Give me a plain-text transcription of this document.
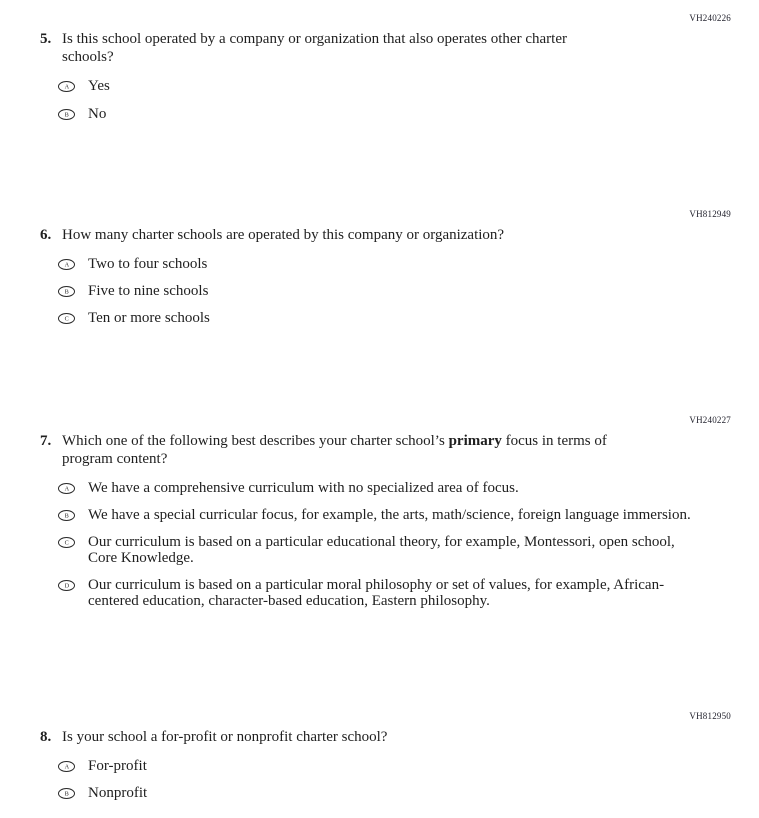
VH240226
5. Is this school operated by a company or organization that also operates other charter schools?
A Yes
B No
VH812949
6. How many charter schools are operated by this company or organization?
A Two to four schools
B Five to nine schools
C Ten or more schools
VH240227
7. Which one of the following best describes your charter school’s primary focus in terms of program content?
A We have a comprehensive curriculum with no specialized area of focus.
B We have a special curricular focus, for example, the arts, math/science, foreign language immersion.
C Our curriculum is based on a particular educational theory, for example, Montessori, open school, Core Knowledge.
D Our curriculum is based on a particular moral philosophy or set of values, for example, African-centered education, character-based education, Eastern philosophy.
VH812950
8. Is your school a for-profit or nonprofit charter school?
A For-profit
B Nonprofit
